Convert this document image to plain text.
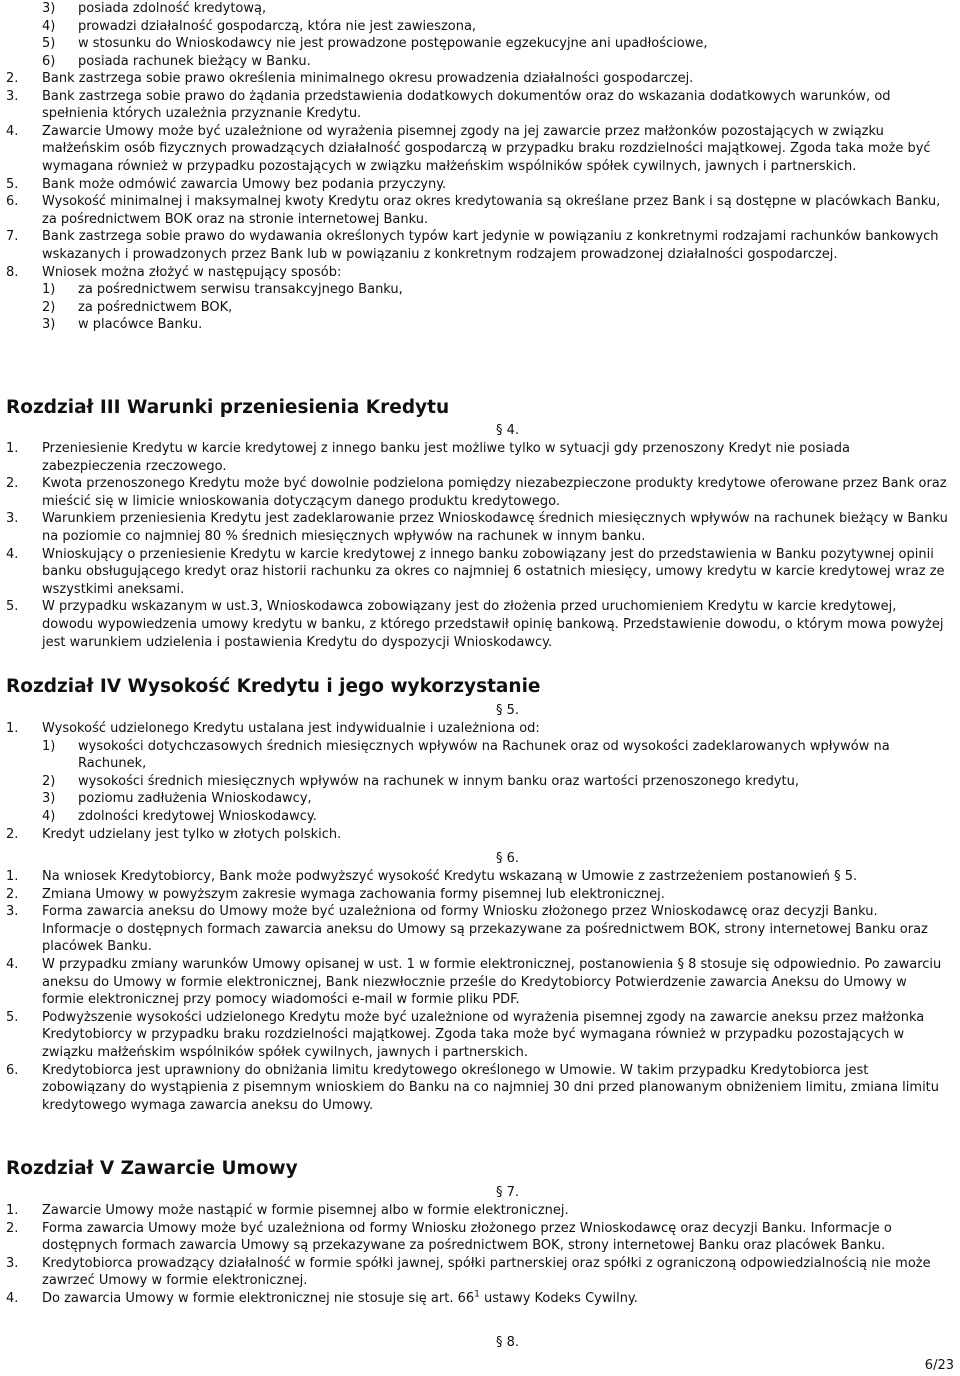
3) posiada zdolność kredytową,
4) prowadzi działalność gospodarczą, która nie jest zawieszona,
5) w stosunku do Wnioskodawcy nie jest prowadzone postępowanie egzekucyjne ani upadłościowe,
6) posiada rachunek bieżący w Banku.
2. Bank zastrzega sobie prawo określenia minimalnego okresu prowadzenia działalności gospodarczej.
3. Bank zastrzega sobie prawo do żądania przedstawienia dodatkowych dokumentów oraz do wskazania dodatkowych warunków, od spełnienia których uzależnia przyznanie Kredytu.
4. Zawarcie Umowy może być uzależnione od wyrażenia pisemnej zgody na jej zawarcie przez małżonków pozostających w związku małżeńskim osób fizycznych prowadzących działalność gospodarczą w przypadku braku rozdzielności majątkowej. Zgoda taka może być wymagana również w przypadku pozostających w związku małżeńskim wspólników spółek cywilnych, jawnych i partnerskich.
5. Bank może odmówić zawarcia Umowy bez podania przyczyny.
6. Wysokość minimalnej i maksymalnej kwoty Kredytu oraz okres kredytowania są określane przez Bank i są dostępne w placówkach Banku, za pośrednictwem BOK oraz na stronie internetowej Banku.
7. Bank zastrzega sobie prawo do wydawania określonych typów kart jedynie w powiązaniu z konkretnymi rodzajami rachunków bankowych wskazanych i prowadzonych przez Bank lub w powiązaniu z konkretnym rodzajem prowadzonej działalności gospodarczej.
8. Wniosek można złożyć w następujący sposób:
1) za pośrednictwem serwisu transakcyjnego Banku,
2) za pośrednictwem BOK,
3) w placówce Banku.
Rozdział III Warunki przeniesienia Kredytu
§ 4.
1. Przeniesienie Kredytu w karcie kredytowej z innego banku jest możliwe tylko w sytuacji gdy przenoszony Kredyt nie posiada zabezpieczenia rzeczowego.
2. Kwota przenoszonego Kredytu może być dowolnie podzielona pomiędzy niezabezpieczone produkty kredytowe oferowane przez Bank oraz mieścić się w limicie wnioskowania dotyczącym danego produktu kredytowego.
3. Warunkiem przeniesienia Kredytu jest zadeklarowanie przez Wnioskodawcę średnich miesięcznych wpływów na rachunek bieżący w Banku na poziomie co najmniej 80 % średnich miesięcznych wpływów na rachunek w innym banku.
4. Wnioskujący o przeniesienie Kredytu w karcie kredytowej z innego banku zobowiązany jest do przedstawienia w Banku pozytywnej opinii banku obsługującego kredyt oraz historii rachunku za okres co najmniej 6 ostatnich miesięcy, umowy kredytu w karcie kredytowej wraz ze wszystkimi aneksami.
5. W przypadku wskazanym w ust.3, Wnioskodawca zobowiązany jest do złożenia przed uruchomieniem Kredytu w karcie kredytowej, dowodu wypowiedzenia umowy kredytu w banku, z którego przedstawił opinię bankową. Przedstawienie dowodu, o którym mowa powyżej jest warunkiem udzielenia i postawienia Kredytu do dyspozycji Wnioskodawcy.
Rozdział IV Wysokość Kredytu i jego wykorzystanie
§ 5.
1. Wysokość udzielonego Kredytu ustalana jest indywidualnie i uzależniona od:
1) wysokości dotychczasowych średnich miesięcznych wpływów na Rachunek oraz od wysokości zadeklarowanych wpływów na Rachunek,
2) wysokości średnich miesięcznych wpływów na rachunek w innym banku oraz wartości przenoszonego kredytu,
3) poziomu zadłużenia Wnioskodawcy,
4) zdolności kredytowej Wnioskodawcy.
2. Kredyt udzielany jest tylko w złotych polskich.
§ 6.
1. Na wniosek Kredytobiorcy, Bank może podwyższyć wysokość Kredytu wskazaną w Umowie z zastrzeżeniem postanowień § 5.
2. Zmiana Umowy w powyższym zakresie wymaga zachowania formy pisemnej lub elektronicznej.
3. Forma zawarcia aneksu do Umowy może być uzależniona od formy Wniosku złożonego przez Wnioskodawcę oraz decyzji Banku. Informacje o dostępnych formach zawarcia aneksu do Umowy są przekazywane za pośrednictwem BOK, strony internetowej Banku oraz placówek Banku.
4. W przypadku zmiany warunków Umowy opisanej w ust. 1 w formie elektronicznej, postanowienia § 8 stosuje się odpowiednio. Po zawarciu aneksu do Umowy w formie elektronicznej, Bank niezwłocznie prześle do Kredytobiorcy Potwierdzenie zawarcia Aneksu do Umowy w formie elektronicznej przy pomocy wiadomości e-mail w formie pliku PDF.
5. Podwyższenie wysokości udzielonego Kredytu może być uzależnione od wyrażenia pisemnej zgody na zawarcie aneksu przez małżonka Kredytobiorcy w przypadku braku rozdzielności majątkowej. Zgoda taka może być wymagana również w przypadku pozostających w związku małżeńskim wspólników spółek cywilnych, jawnych i partnerskich.
6. Kredytobiorca jest uprawniony do obniżania limitu kredytowego określonego w Umowie. W takim przypadku Kredytobiorca jest zobowiązany do wystąpienia z pisemnym wnioskiem do Banku na co najmniej 30 dni przed planowanym obniżeniem limitu, zmiana limitu kredytowego wymaga zawarcia aneksu do Umowy.
Rozdział V Zawarcie Umowy
§ 7.
1. Zawarcie Umowy może nastąpić w formie pisemnej albo w formie elektronicznej.
2. Forma zawarcia Umowy może być uzależniona od formy Wniosku złożonego przez Wnioskodawcę oraz decyzji Banku. Informacje o dostępnych formach zawarcia Umowy są przekazywane za pośrednictwem BOK, strony internetowej Banku oraz placówek Banku.
3. Kredytobiorca prowadzący działalność w formie spółki jawnej, spółki partnerskiej oraz spółki z ograniczoną odpowiedzialnością nie może zawrzeć Umowy w formie elektronicznej.
4. Do zawarcia Umowy w formie elektronicznej nie stosuje się art. $66^1$ ustawy Kodeks Cywilny.
§ 8.
6/23
